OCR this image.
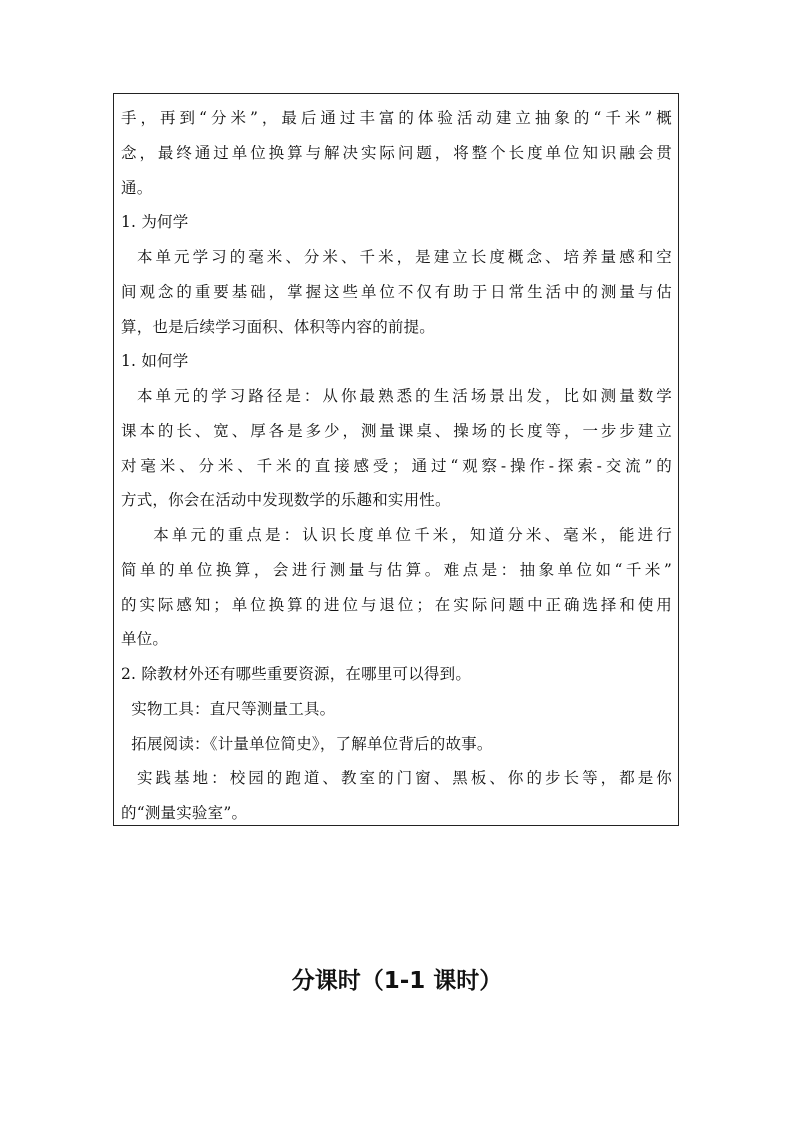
手，再到“分米”，最后通过丰富的体验活动建立抽象的“千米”概
念，最终通过单位换算与解决实际问题，将整个长度单位知识融会贯
通。
1. 为何学
本单元学习的毫米、分米、千米，是建立长度概念、培养量感和空
间观念的重要基础，掌握这些单位不仅有助于日常生活中的测量与估
算，也是后续学习面积、体积等内容的前提。
1. 如何学
本单元的学习路径是：从你最熟悉的生活场景出发，比如测量数学
课本的长、宽、厚各是多少，测量课桌、操场的长度等，一步步建立
对毫米、分米、千米的直接感受；通过“观察-操作-探索-交流”的
方式，你会在活动中发现数学的乐趣和实用性。
本单元的重点是：认识长度单位千米，知道分米、毫米，能进行
简单的单位换算，会进行测量与估算。难点是：抽象单位如“千米”
的实际感知；单位换算的进位与退位；在实际问题中正确选择和使用
单位。
2. 除教材外还有哪些重要资源，在哪里可以得到。
实物工具：直尺等测量工具。
拓展阅读：《计量单位简史》，了解单位背后的故事。
实践基地：校园的跑道、教室的门窗、黑板、你的步长等，都是你
的“测量实验室”。
分课时（1-1 课时）
